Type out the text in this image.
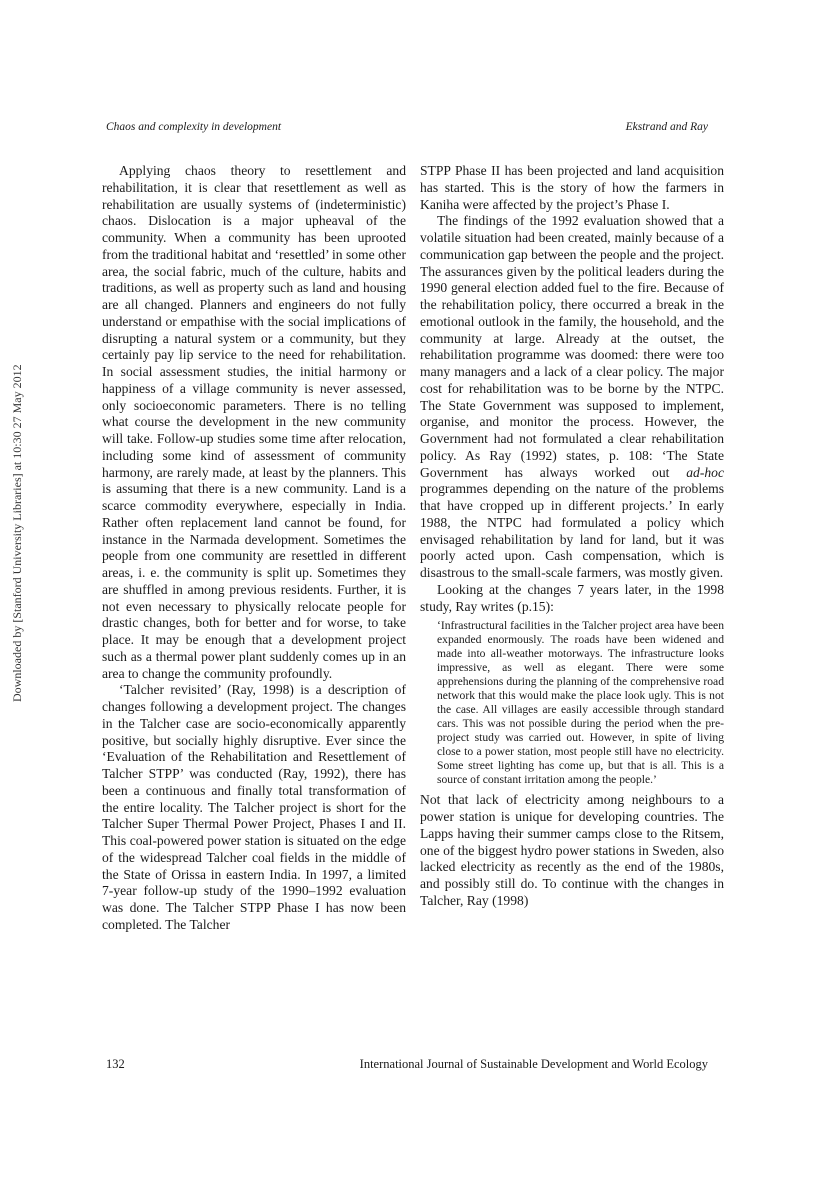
Chaos and complexity in development	Ekstrand and Ray
Downloaded by [Stanford University Libraries] at 10:30 27 May 2012

Applying chaos theory to resettlement and rehabilitation, it is clear that resettlement as well as rehabilitation are usually systems of (indeterministic) chaos. Dislocation is a major upheaval of the community. When a community has been uprooted from the traditional habitat and ‘resettled’ in some other area, the social fabric, much of the culture, habits and traditions, as well as property such as land and housing are all changed. Planners and engineers do not fully understand or empathise with the social implications of disrupting a natural system or a community, but they certainly pay lip service to the need for rehabilitation. In social assessment studies, the initial harmony or happiness of a village community is never assessed, only socioeconomic parameters. There is no telling what course the development in the new community will take. Follow-up studies some time after relocation, including some kind of assessment of community harmony, are rarely made, at least by the planners. This is assuming that there is a new community. Land is a scarce commodity everywhere, especially in India. Rather often replacement land cannot be found, for instance in the Narmada development. Sometimes the people from one community are resettled in different areas, i. e. the community is split up. Sometimes they are shuffled in among previous residents. Further, it is not even necessary to physically relocate people for drastic changes, both for better and for worse, to take place. It may be enough that a development project such as a thermal power plant suddenly comes up in an area to change the community profoundly.

‘Talcher revisited’ (Ray, 1998) is a description of changes following a development project. The changes in the Talcher case are socio-economically apparently positive, but socially highly disruptive. Ever since the ‘Evaluation of the Rehabilitation and Resettlement of Talcher STPP’ was conducted (Ray, 1992), there has been a continuous and finally total transformation of the entire locality. The Talcher project is short for the Talcher Super Thermal Power Project, Phases I and II. This coal-powered power station is situated on the edge of the widespread Talcher coal fields in the middle of the State of Orissa in eastern India. In 1997, a limited 7-year follow-up study of the 1990–1992 evaluation was done. The Talcher STPP Phase I has now been completed. The Talcher

STPP Phase II has been projected and land acquisition has started. This is the story of how the farmers in Kaniha were affected by the project’s Phase I.

The findings of the 1992 evaluation showed that a volatile situation had been created, mainly because of a communication gap between the people and the project. The assurances given by the political leaders during the 1990 general election added fuel to the fire. Because of the rehabilitation policy, there occurred a break in the emotional outlook in the family, the household, and the community at large. Already at the outset, the rehabilitation programme was doomed: there were too many managers and a lack of a clear policy. The major cost for rehabilitation was to be borne by the NTPC. The State Government was supposed to implement, organise, and monitor the process. However, the Government had not formulated a clear rehabilitation policy. As Ray (1992) states, p. 108: ‘The State Government has always worked out ad-hoc programmes depending on the nature of the problems that have cropped up in different projects.’ In early 1988, the NTPC had formulated a policy which envisaged rehabilitation by land for land, but it was poorly acted upon. Cash compensation, which is disastrous to the small-scale farmers, was mostly given.

Looking at the changes 7 years later, in the 1998 study, Ray writes (p.15):

‘Infrastructural facilities in the Talcher project area have been expanded enormously. The roads have been widened and made into all-weather motorways. The infrastructure looks impressive, as well as elegant. There were some apprehensions during the planning of the comprehensive road network that this would make the place look ugly. This is not the case. All villages are easily accessible through standard cars. This was not possible during the period when the pre-project study was carried out. However, in spite of living close to a power station, most people still have no electricity. Some street lighting has come up, but that is all. This is a source of constant irritation among the people.’

Not that lack of electricity among neighbours to a power station is unique for developing countries. The Lapps having their summer camps close to the Ritsem, one of the biggest hydro power stations in Sweden, also lacked electricity as recently as the end of the 1980s, and possibly still do. To continue with the changes in Talcher, Ray (1998)

132	International Journal of Sustainable Development and World Ecology
